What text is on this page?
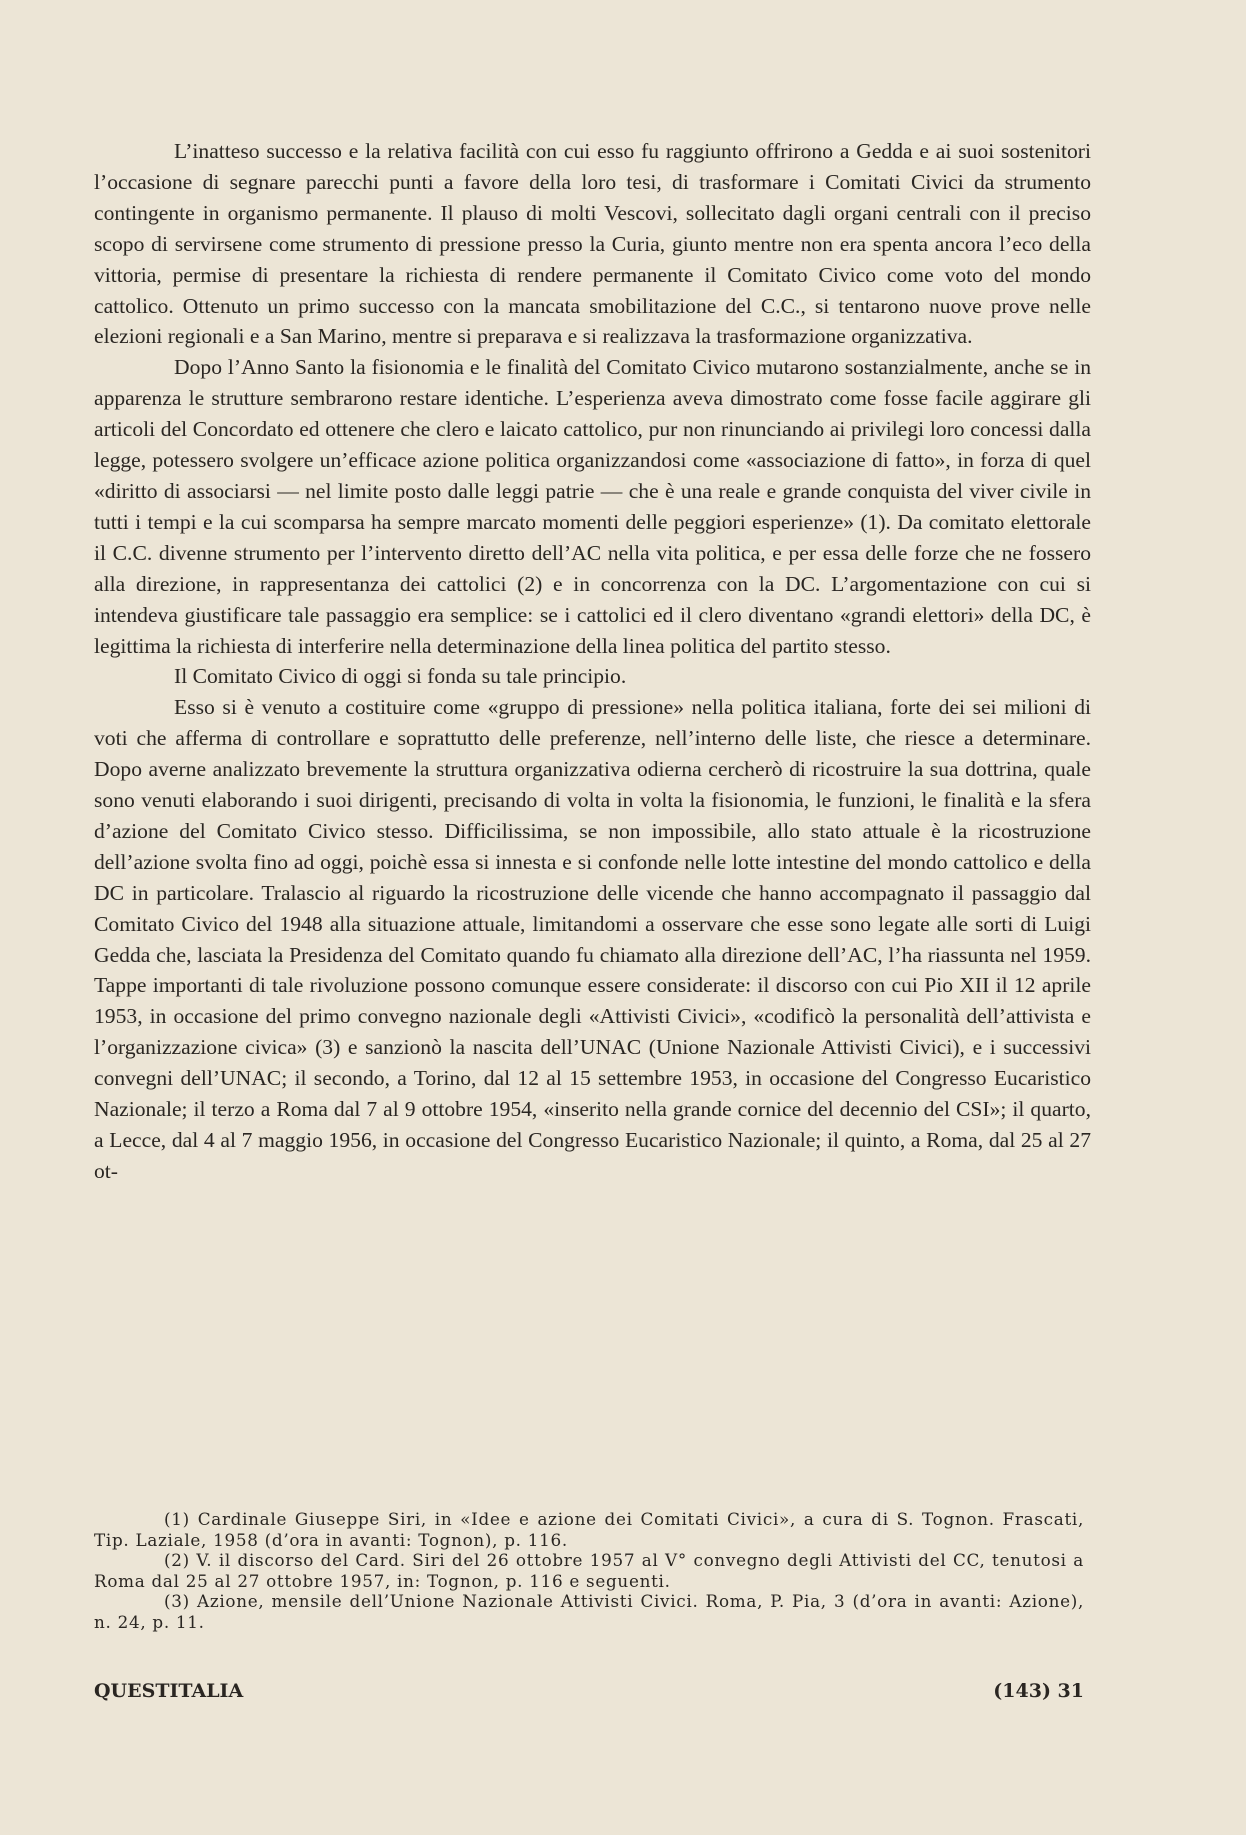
L’inatteso successo e la relativa facilità con cui esso fu raggiunto offrirono a Gedda e ai suoi sostenitori l’occasione di segnare parecchi punti a favore della loro tesi, di trasformare i Comitati Civici da strumento contingente in organismo permanente. Il plauso di molti Vescovi, sollecitato dagli organi centrali con il preciso scopo di servirsene come strumento di pressione presso la Curia, giunto mentre non era spenta ancora l’eco della vittoria, permise di presentare la richiesta di rendere permanente il Comitato Civico come voto del mondo cattolico. Ottenuto un primo successo con la mancata smobilitazione del C.C., si tentarono nuove prove nelle elezioni regionali e a San Marino, mentre si preparava e si realizzava la trasformazione organizzativa.

Dopo l’Anno Santo la fisionomia e le finalità del Comitato Civico mutarono sostanzialmente, anche se in apparenza le strutture sembrarono restare identiche. L’esperienza aveva dimostrato come fosse facile aggirare gli articoli del Concordato ed ottenere che clero e laicato cattolico, pur non rinunciando ai privilegi loro concessi dalla legge, potessero svolgere un’efficace azione politica organizzandosi come «associazione di fatto», in forza di quel «diritto di associarsi — nel limite posto dalle leggi patrie — che è una reale e grande conquista del viver civile in tutti i tempi e la cui scomparsa ha sempre marcato momenti delle peggiori esperienze» (1). Da comitato elettorale il C.C. divenne strumento per l’intervento diretto dell’AC nella vita politica, e per essa delle forze che ne fossero alla direzione, in rappresentanza dei cattolici (2) e in concorrenza con la DC. L’argomentazione con cui si intendeva giustificare tale passaggio era semplice: se i cattolici ed il clero diventano «grandi elettori» della DC, è legittima la richiesta di interferire nella determinazione della linea politica del partito stesso.

Il Comitato Civico di oggi si fonda su tale principio.

Esso si è venuto a costituire come «gruppo di pressione» nella politica italiana, forte dei sei milioni di voti che afferma di controllare e soprattutto delle preferenze, nell’interno delle liste, che riesce a determinare. Dopo averne analizzato brevemente la struttura organizzativa odierna cercherò di ricostruire la sua dottrina, quale sono venuti elaborando i suoi dirigenti, precisando di volta in volta la fisionomia, le funzioni, le finalità e la sfera d’azione del Comitato Civico stesso. Difficilissima, se non impossibile, allo stato attuale è la ricostruzione dell’azione svolta fino ad oggi, poichè essa si innesta e si confonde nelle lotte intestine del mondo cattolico e della DC in particolare. Tralascio al riguardo la ricostruzione delle vicende che hanno accompagnato il passaggio dal Comitato Civico del 1948 alla situazione attuale, limitandomi a osservare che esse sono legate alle sorti di Luigi Gedda che, lasciata la Presidenza del Comitato quando fu chiamato alla direzione dell’AC, l’ha riassunta nel 1959. Tappe importanti di tale rivoluzione possono comunque essere considerate: il discorso con cui Pio XII il 12 aprile 1953, in occasione del primo convegno nazionale degli «Attivisti Civici», «codificò la personalità dell’attivista e l’organizzazione civica» (3) e sanzionò la nascita dell’UNAC (Unione Nazionale Attivisti Civici), e i successivi convegni dell’UNAC; il secondo, a Torino, dal 12 al 15 settembre 1953, in occasione del Congresso Eucaristico Nazionale; il terzo a Roma dal 7 al 9 ottobre 1954, «inserito nella grande cornice del decennio del CSI»; il quarto, a Lecce, dal 4 al 7 maggio 1956, in occasione del Congresso Eucaristico Nazionale; il quinto, a Roma, dal 25 al 27 ot-

(1) Cardinale Giuseppe Siri, in «Idee e azione dei Comitati Civici», a cura di S. Tognon. Frascati, Tip. Laziale, 1958 (d’ora in avanti: Tognon), p. 116.

(2) V. il discorso del Card. Siri del 26 ottobre 1957 al V° convegno degli Attivisti del CC, tenutosi a Roma dal 25 al 27 ottobre 1957, in: Tognon, p. 116 e seguenti.

(3) Azione, mensile dell’Unione Nazionale Attivisti Civici. Roma, P. Pia, 3 (d’ora in avanti: Azione), n. 24, p. 11.

QUESTITALIA	(143) 31
